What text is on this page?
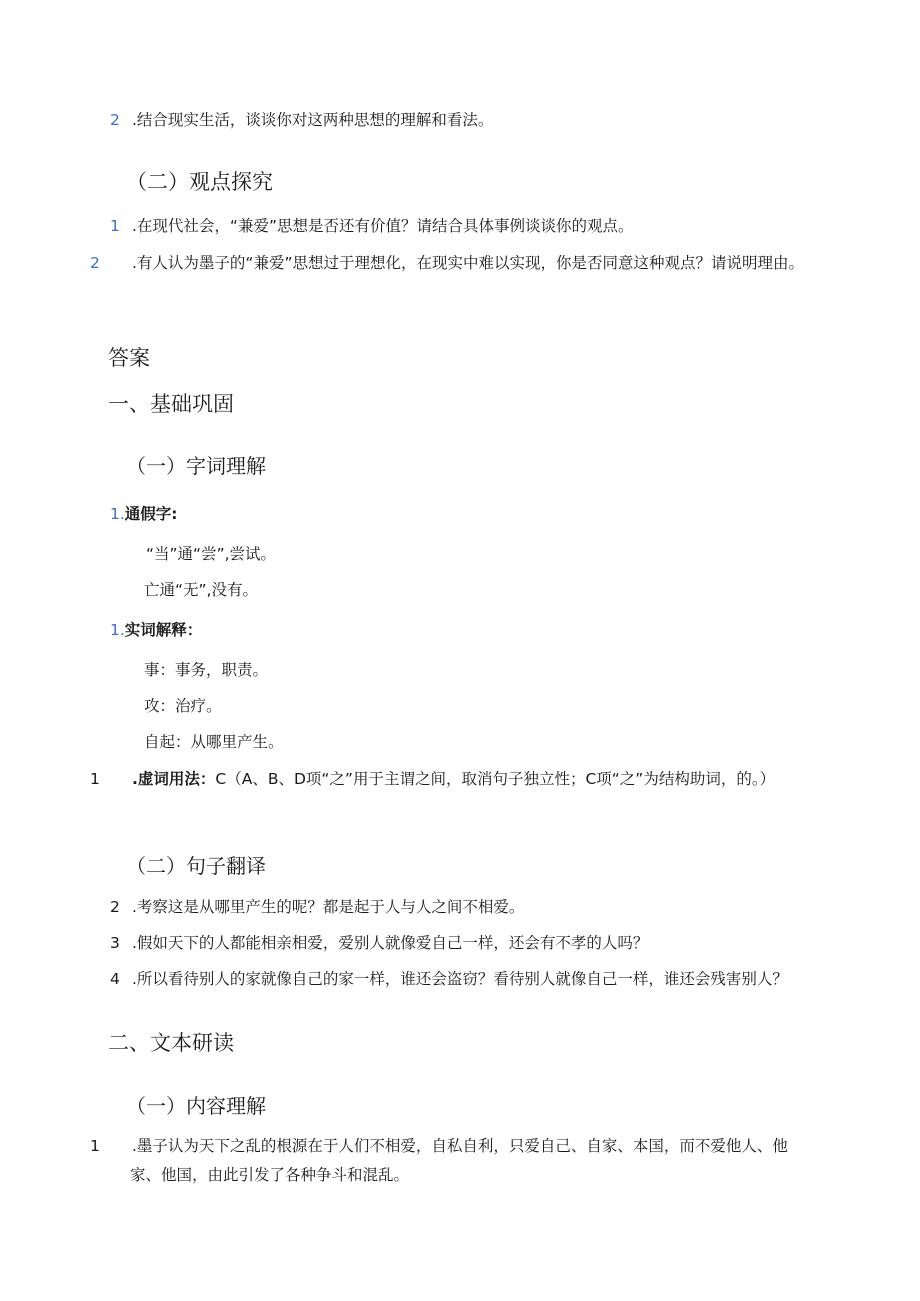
2 .结合现实生活，谈谈你对这两种思想的理解和看法。
（二）观点探究
1 .在现代社会，“兼爱”思想是否还有价值？请结合具体事例谈谈你的观点。
2 .有人认为墨子的“兼爱”思想过于理想化，在现实中难以实现，你是否同意这种观点？请说明理由。
答案
一、基础巩固
（一）字词理解
1.通假字:
“当”通“尝”,尝试。
亡通“无”,没有。
1.实词解释：
事：事务，职责。
攻：治疗。
自起：从哪里产生。
1 .虚词用法：C（A、B、D项“之”用于主谓之间，取消句子独立性；C项“之”为结构助词，的。）
（二）句子翻译
2 .考察这是从哪里产生的呢？都是起于人与人之间不相爱。
3 .假如天下的人都能相亲相爱，爱别人就像爱自己一样，还会有不孝的人吗？
4 .所以看待别人的家就像自己的家一样，谁还会盗窃？看待别人就像自己一样，谁还会残害别人？
二、文本研读
（一）内容理解
1 .墨子认为天下之乱的根源在于人们不相爱，自私自利，只爱自己、自家、本国，而不爱他人、他家、他国，由此引发了各种争斗和混乱。
